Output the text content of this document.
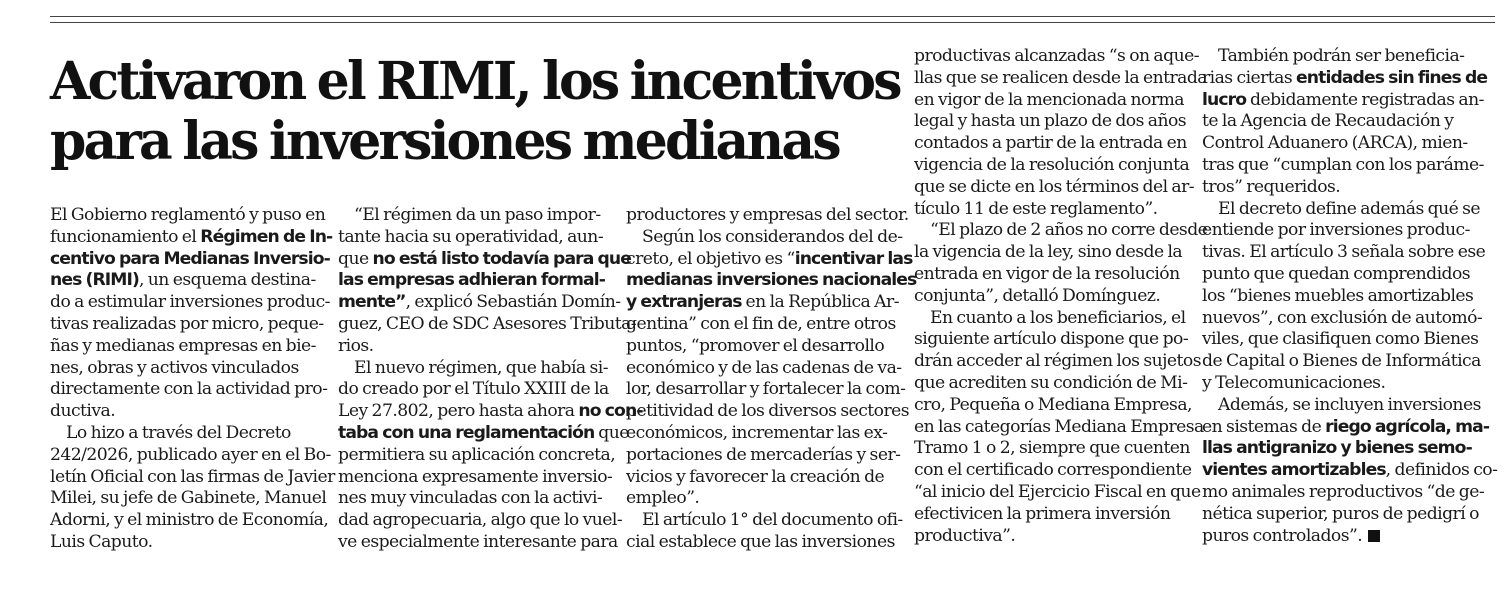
Activaron el RIMI, los incentivos
para las inversiones medianas
El Gobierno reglamentó y puso en
funcionamiento el Régimen de In-
centivo para Medianas Inversio-
nes (RIMI), un esquema destina-
do a estimular inversiones produc-
tivas realizadas por micro, peque-
ñas y medianas empresas en bie-
nes, obras y activos vinculados
directamente con la actividad pro-
ductiva.
Lo hizo a través del Decreto
242/2026, publicado ayer en el Bo-
letín Oficial con las firmas de Javier
Milei, su jefe de Gabinete, Manuel
Adorni, y el ministro de Economía,
Luis Caputo.
“El régimen da un paso impor-
tante hacia su operatividad, aun-
que no está listo todavía para que
las empresas adhieran formal-
mente”, explicó Sebastián Domín-
guez, CEO de SDC Asesores Tributa-
rios.
El nuevo régimen, que había si-
do creado por el Título XXIII de la
Ley 27.802, pero hasta ahora no con-
taba con una reglamentación que
permitiera su aplicación concreta,
menciona expresamente inversio-
nes muy vinculadas con la activi-
dad agropecuaria, algo que lo vuel-
ve especialmente interesante para
productores y empresas del sector.
Según los considerandos del de-
creto, el objetivo es “incentivar las
medianas inversiones nacionales
y extranjeras en la República Ar-
gentina” con el fin de, entre otros
puntos, “promover el desarrollo
económico y de las cadenas de va-
lor, desarrollar y fortalecer la com-
petitividad de los diversos sectores
económicos, incrementar las ex-
portaciones de mercaderías y ser-
vicios y favorecer la creación de
empleo”.
El artículo 1° del documento ofi-
cial establece que las inversiones
productivas alcanzadas “s on aque-
llas que se realicen desde la entrada
en vigor de la mencionada norma
legal y hasta un plazo de dos años
contados a partir de la entrada en
vigencia de la resolución conjunta
que se dicte en los términos del ar-
tículo 11 de este reglamento”.
“El plazo de 2 años no corre desde
la vigencia de la ley, sino desde la
entrada en vigor de la resolución
conjunta”, detalló Domínguez.
En cuanto a los beneficiarios, el
siguiente artículo dispone que po-
drán acceder al régimen los sujetos
que acrediten su condición de Mi-
cro, Pequeña o Mediana Empresa,
en las categorías Mediana Empresa
Tramo 1 o 2, siempre que cuenten
con el certificado correspondiente
“al inicio del Ejercicio Fiscal en que
efectivicen la primera inversión
productiva”.
También podrán ser beneficia-
rias ciertas entidades sin fines de
lucro debidamente registradas an-
te la Agencia de Recaudación y
Control Aduanero (ARCA), mien-
tras que “cumplan con los paráme-
tros” requeridos.
El decreto define además qué se
entiende por inversiones produc-
tivas. El artículo 3 señala sobre ese
punto que quedan comprendidos
los “bienes muebles amortizables
nuevos”, con exclusión de automó-
viles, que clasifiquen como Bienes
de Capital o Bienes de Informática
y Telecomunicaciones.
Además, se incluyen inversiones
en sistemas de riego agrícola, ma-
llas antigranizo y bienes semo-
vientes amortizables, definidos co-
mo animales reproductivos “de ge-
nética superior, puros de pedigrí o
puros controlados”.
